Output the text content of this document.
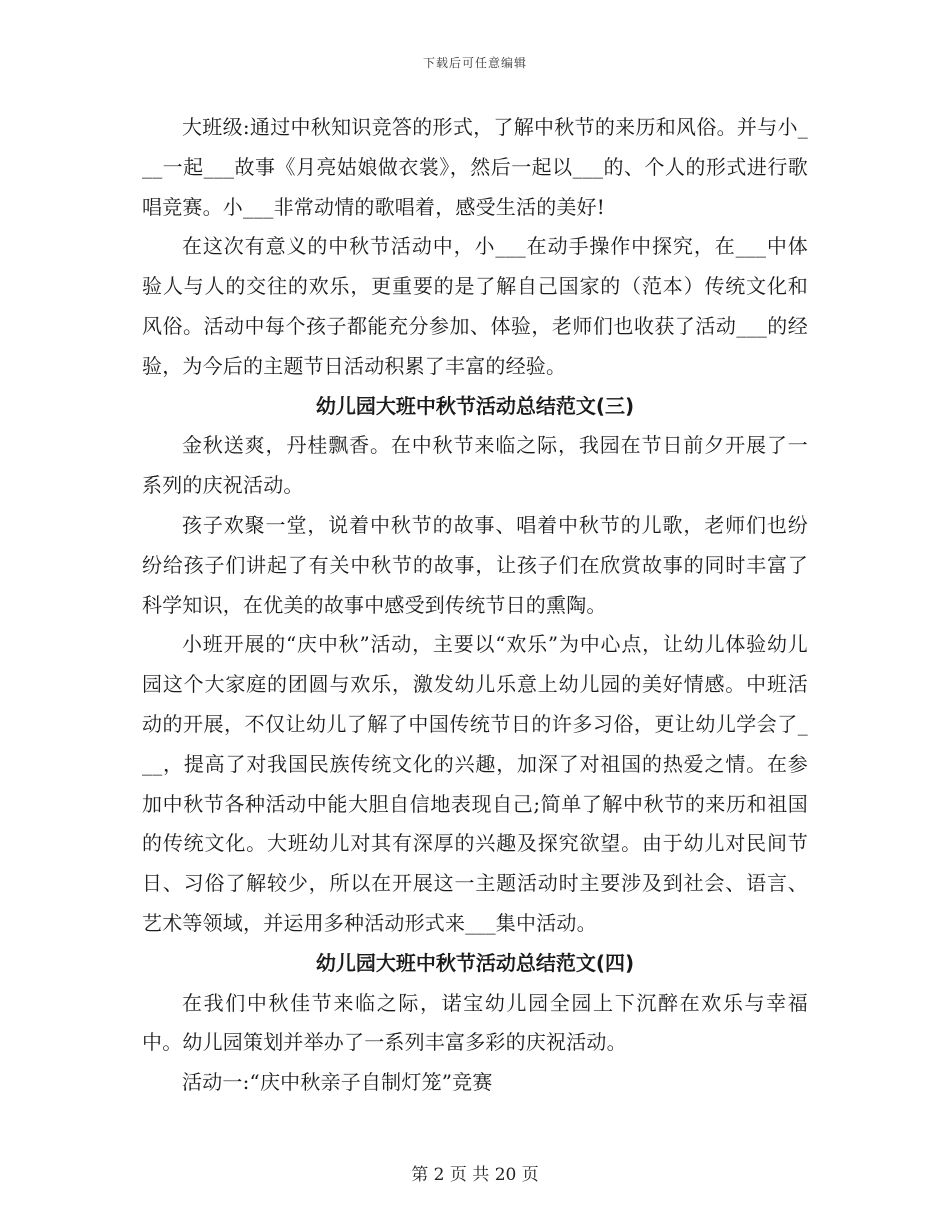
下载后可任意编辑

大班级:通过中秋知识竞答的形式，了解中秋节的来历和风俗。并与小___一起___故事《月亮姑娘做衣裳》，然后一起以___的、个人的形式进行歌唱竞赛。小___非常动情的歌唱着，感受生活的美好!

在这次有意义的中秋节活动中，小___在动手操作中探究，在___中体验人与人的交往的欢乐，更重要的是了解自己国家的（范本）传统文化和风俗。活动中每个孩子都能充分参加、体验，老师们也收获了活动___的经验，为今后的主题节日活动积累了丰富的经验。

幼儿园大班中秋节活动总结范文(三)

金秋送爽，丹桂飘香。在中秋节来临之际，我园在节日前夕开展了一系列的庆祝活动。

孩子欢聚一堂，说着中秋节的故事、唱着中秋节的儿歌，老师们也纷纷给孩子们讲起了有关中秋节的故事，让孩子们在欣赏故事的同时丰富了科学知识，在优美的故事中感受到传统节日的熏陶。

小班开展的“庆中秋”活动，主要以“欢乐”为中心点，让幼儿体验幼儿园这个大家庭的团圆与欢乐，激发幼儿乐意上幼儿园的美好情感。中班活动的开展，不仅让幼儿了解了中国传统节日的许多习俗，更让幼儿学会了___，提高了对我国民族传统文化的兴趣，加深了对祖国的热爱之情。在参加中秋节各种活动中能大胆自信地表现自己;简单了解中秋节的来历和祖国的传统文化。大班幼儿对其有深厚的兴趣及探究欲望。由于幼儿对民间节日、习俗了解较少，所以在开展这一主题活动时主要涉及到社会、语言、艺术等领域，并运用多种活动形式来___集中活动。

幼儿园大班中秋节活动总结范文(四)

在我们中秋佳节来临之际，诺宝幼儿园全园上下沉醉在欢乐与幸福中。幼儿园策划并举办了一系列丰富多彩的庆祝活动。

活动一:“庆中秋亲子自制灯笼”竞赛

第 2 页 共 20 页
